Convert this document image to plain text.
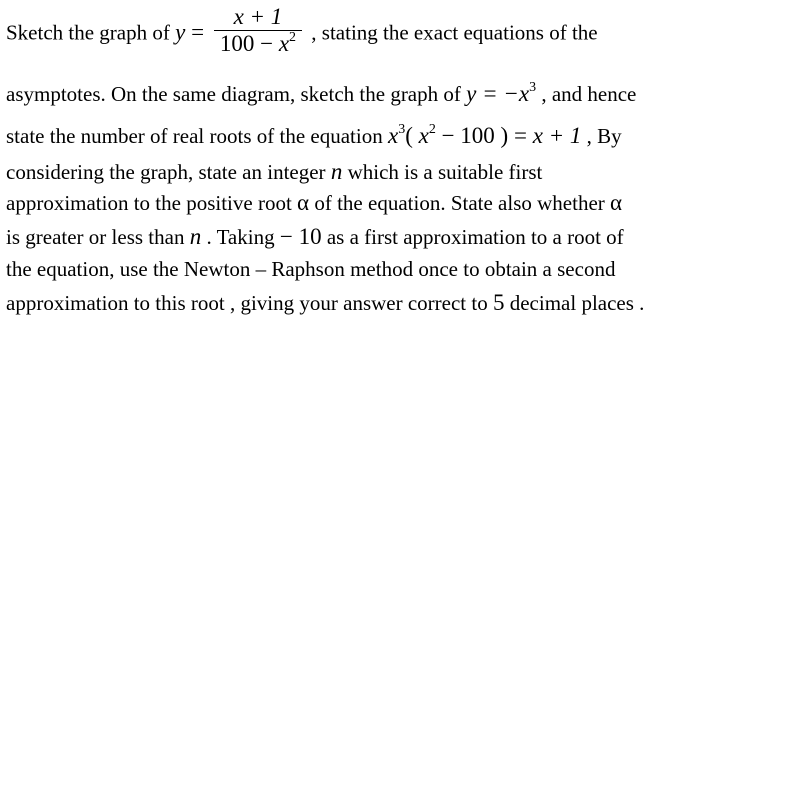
Sketch the graph of $y = \frac{x + 1}{100 - x^2}$ , stating the exact equations of the
asymptotes. On the same diagram, sketch the graph of $y = -x^3$ , and hence
state the number of real roots of the equation $x^3$( $x^2 - 100$ ) = x + 1 , By
considering the graph, state an integer n which is a suitable first
approximation to the positive root α of the equation. State also whether α
is greater or less than n . Taking − 10 as a first approximation to a root of
the equation, use the Newton – Raphson method once to obtain a second
approximation to this root , giving your answer correct to 5 decimal places .
